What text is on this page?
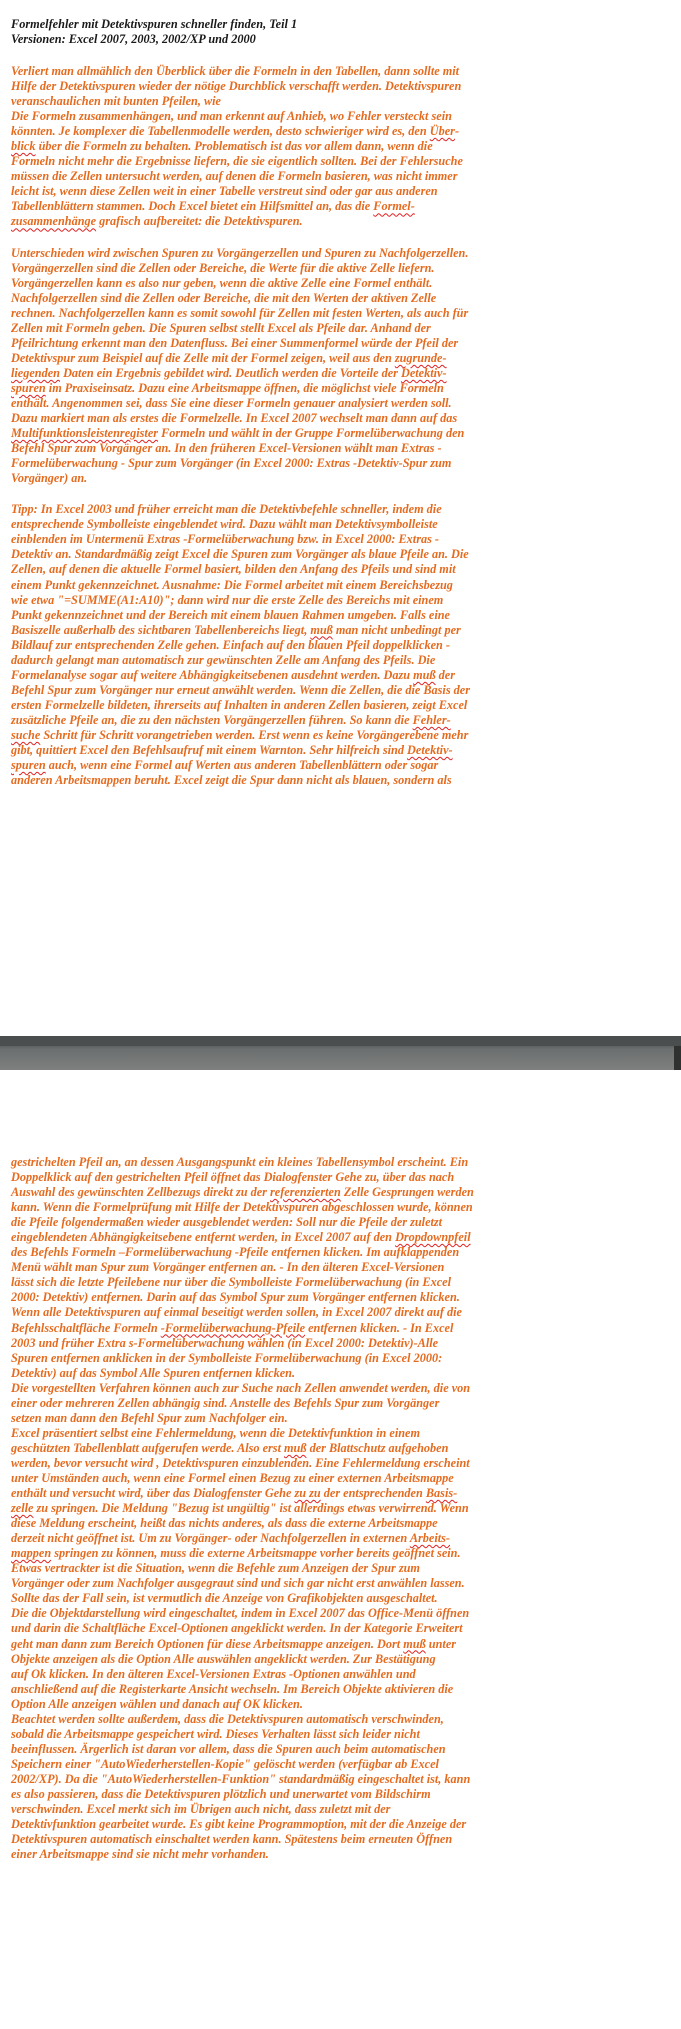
Formelfehler mit Detektivspuren schneller finden, Teil 1

Versionen: Excel 2007, 2003, 2002/XP und 2000

Verliert man allmählich den Überblick über die Formeln in den Tabellen, dann sollte mit

Hilfe der Detektivspuren wieder der nötige Durchblick verschafft werden. Detektivspuren

veranschaulichen mit bunten Pfeilen, wie

Die Formeln zusammenhängen, und man erkennt auf Anhieb, wo Fehler versteckt sein

könnten. Je komplexer die Tabellenmodelle werden, desto schwieriger wird es, den Über-

blick über die Formeln zu behalten. Problematisch ist das vor allem dann, wenn die

Formeln nicht mehr die Ergebnisse liefern, die sie eigentlich sollten. Bei der Fehlersuche

müssen die Zellen untersucht werden, auf denen die Formeln basieren, was nicht immer

leicht ist, wenn diese Zellen weit in einer Tabelle verstreut sind oder gar aus anderen

Tabellenblättern stammen. Doch Excel bietet ein Hilfsmittel an, das die Formel-

zusammenhänge grafisch aufbereitet: die Detektivspuren.

Unterschieden wird zwischen Spuren zu Vorgängerzellen und Spuren zu Nachfolgerzellen.

Vorgängerzellen sind die Zellen oder Bereiche, die Werte für die aktive Zelle liefern.

Vorgängerzellen kann es also nur geben, wenn die aktive Zelle eine Formel enthält.

Nachfolgerzellen sind die Zellen oder Bereiche, die mit den Werten der aktiven Zelle

rechnen. Nachfolgerzellen kann es somit sowohl für Zellen mit festen Werten, als auch für

Zellen mit Formeln geben. Die Spuren selbst stellt Excel als Pfeile dar. Anhand der

Pfeilrichtung erkennt man den Datenfluss. Bei einer Summenformel würde der Pfeil der

Detektivspur zum Beispiel auf die Zelle mit der Formel zeigen, weil aus den zugrunde-

liegenden Daten ein Ergebnis gebildet wird. Deutlich werden die Vorteile der Detektiv-

spuren im Praxiseinsatz. Dazu eine Arbeitsmappe öffnen, die möglichst viele Formeln

enthält. Angenommen sei, dass Sie eine dieser Formeln genauer analysiert werden soll.

Dazu markiert man als erstes die Formelzelle. In Excel 2007 wechselt man dann auf das

Multifunktionsleistenregister Formeln und wählt in der Gruppe Formelüberwachung den

Befehl Spur zum Vorgänger an. In den früheren Excel-Versionen wählt man Extras -

Formelüberwachung - Spur zum Vorgänger (in Excel 2000: Extras -Detektiv-Spur zum

Vorgänger) an.

Tipp: In Excel 2003 und früher erreicht man die Detektivbefehle schneller, indem die

entsprechende Symbolleiste eingeblendet wird. Dazu wählt man Detektivsymbolleiste

einblenden im Untermenü Extras -Formelüberwachung bzw. in Excel 2000: Extras -

Detektiv an. Standardmäßig zeigt Excel die Spuren zum Vorgänger als blaue Pfeile an. Die

Zellen, auf denen die aktuelle Formel basiert, bilden den Anfang des Pfeils und sind mit

einem Punkt gekennzeichnet. Ausnahme: Die Formel arbeitet mit einem Bereichsbezug

wie etwa "=SUMME(A1:A10)"; dann wird nur die erste Zelle des Bereichs mit einem

Punkt gekennzeichnet und der Bereich mit einem blauen Rahmen umgeben. Falls eine

Basiszelle außerhalb des sichtbaren Tabellenbereichs liegt, muß man nicht unbedingt per

Bildlauf zur entsprechenden Zelle gehen. Einfach auf den blauen Pfeil doppelklicken -

dadurch gelangt man automatisch zur gewünschten Zelle am Anfang des Pfeils. Die

Formelanalyse sogar auf weitere Abhängigkeitsebenen ausdehnt werden. Dazu muß der

Befehl Spur zum Vorgänger nur erneut anwählt werden. Wenn die Zellen, die die Basis der

ersten Formelzelle bildeten, ihrerseits auf Inhalten in anderen Zellen basieren, zeigt Excel

zusätzliche Pfeile an, die zu den nächsten Vorgängerzellen führen. So kann die Fehler-

suche Schritt für Schritt vorangetrieben werden. Erst wenn es keine Vorgängerebene mehr

gibt, quittiert Excel den Befehlsaufruf mit einem Warnton. Sehr hilfreich sind Detektiv-

spuren auch, wenn eine Formel auf Werten aus anderen Tabellenblättern oder sogar

anderen Arbeitsmappen beruht. Excel zeigt die Spur dann nicht als blauen, sondern als

gestrichelten Pfeil an, an dessen Ausgangspunkt ein kleines Tabellensymbol erscheint. Ein

Doppelklick auf den gestrichelten Pfeil öffnet das Dialogfenster Gehe zu, über das nach

Auswahl des gewünschten Zellbezugs direkt zu der referenzierten Zelle Gesprungen werden

kann. Wenn die Formelprüfung mit Hilfe der Detektivspuren abgeschlossen wurde, können

die Pfeile folgendermaßen wieder ausgeblendet werden: Soll nur die Pfeile der zuletzt

eingeblendeten Abhängigkeitsebene entfernt werden, in Excel 2007 auf den Dropdownpfeil

des Befehls Formeln –Formelüberwachung -Pfeile entfernen klicken. Im aufklappenden

Menü wählt man Spur zum Vorgänger entfernen an. - In den älteren Excel-Versionen

lässt sich die letzte Pfeilebene nur über die Symbolleiste Formelüberwachung (in Excel

2000: Detektiv) entfernen. Darin auf das Symbol Spur zum Vorgänger entfernen klicken.

Wenn alle Detektivspuren auf einmal beseitigt werden sollen, in Excel 2007 direkt auf die

Befehlsschaltfläche Formeln -Formelüberwachung-Pfeile entfernen klicken. - In Excel

2003 und früher Extra s-Formelüberwachung wählen (in Excel 2000: Detektiv)-Alle

Spuren entfernen anklicken in der Symbolleiste Formelüberwachung (in Excel 2000:

Detektiv) auf das Symbol Alle Spuren entfernen klicken.

Die vorgestellten Verfahren können auch zur Suche nach Zellen anwendet werden, die von

einer oder mehreren Zellen abhängig sind. Anstelle des Befehls Spur zum Vorgänger

setzen man dann den Befehl Spur zum Nachfolger ein.

Excel präsentiert selbst eine Fehlermeldung, wenn die Detektivfunktion in einem

geschützten Tabellenblatt aufgerufen werde. Also erst muß der Blattschutz aufgehoben

werden, bevor versucht wird , Detektivspuren einzublenden. Eine Fehlermeldung erscheint

unter Umständen auch, wenn eine Formel einen Bezug zu einer externen Arbeitsmappe

enthält und versucht wird, über das Dialogfenster Gehe zu zu der entsprechenden Basis-

zelle zu springen. Die Meldung "Bezug ist ungültig" ist allerdings etwas verwirrend. Wenn

diese Meldung erscheint, heißt das nichts anderes, als dass die externe Arbeitsmappe

derzeit nicht geöffnet ist. Um zu Vorgänger- oder Nachfolgerzellen in externen Arbeits-

mappen springen zu können, muss die externe Arbeitsmappe vorher bereits geöffnet sein.

Etwas vertrackter ist die Situation, wenn die Befehle zum Anzeigen der Spur zum

Vorgänger oder zum Nachfolger ausgegraut sind und sich gar nicht erst anwählen lassen.

Sollte das der Fall sein, ist vermutlich die Anzeige von Grafikobjekten ausgeschaltet.

Die die Objektdarstellung wird eingeschaltet, indem in Excel 2007 das Office-Menü öffnen

und darin die Schaltfläche Excel-Optionen angeklickt werden. In der Kategorie Erweitert

geht man dann zum Bereich Optionen für diese Arbeitsmappe anzeigen. Dort muß unter

Objekte anzeigen als die Option Alle auswählen angeklickt werden. Zur Bestätigung

auf Ok klicken. In den älteren Excel-Versionen Extras -Optionen anwählen und

anschließend auf die Registerkarte Ansicht wechseln. Im Bereich Objekte aktivieren die

Option Alle anzeigen wählen und danach auf OK klicken.

Beachtet werden sollte außerdem, dass die Detektivspuren automatisch verschwinden,

sobald die Arbeitsmappe gespeichert wird. Dieses Verhalten lässt sich leider nicht

beeinflussen. Ärgerlich ist daran vor allem, dass die Spuren auch beim automatischen

Speichern einer "AutoWiederherstellen-Kopie" gelöscht werden (verfügbar ab Excel

2002/XP). Da die "AutoWiederherstellen-Funktion" standardmäßig eingeschaltet ist, kann

es also passieren, dass die Detektivspuren plötzlich und unerwartet vom Bildschirm

verschwinden. Excel merkt sich im Übrigen auch nicht, dass zuletzt mit der

Detektivfunktion gearbeitet wurde. Es gibt keine Programmoption, mit der die Anzeige der

Detektivspuren automatisch einschaltet werden kann. Spätestens beim erneuten Öffnen

einer Arbeitsmappe sind sie nicht mehr vorhanden.
